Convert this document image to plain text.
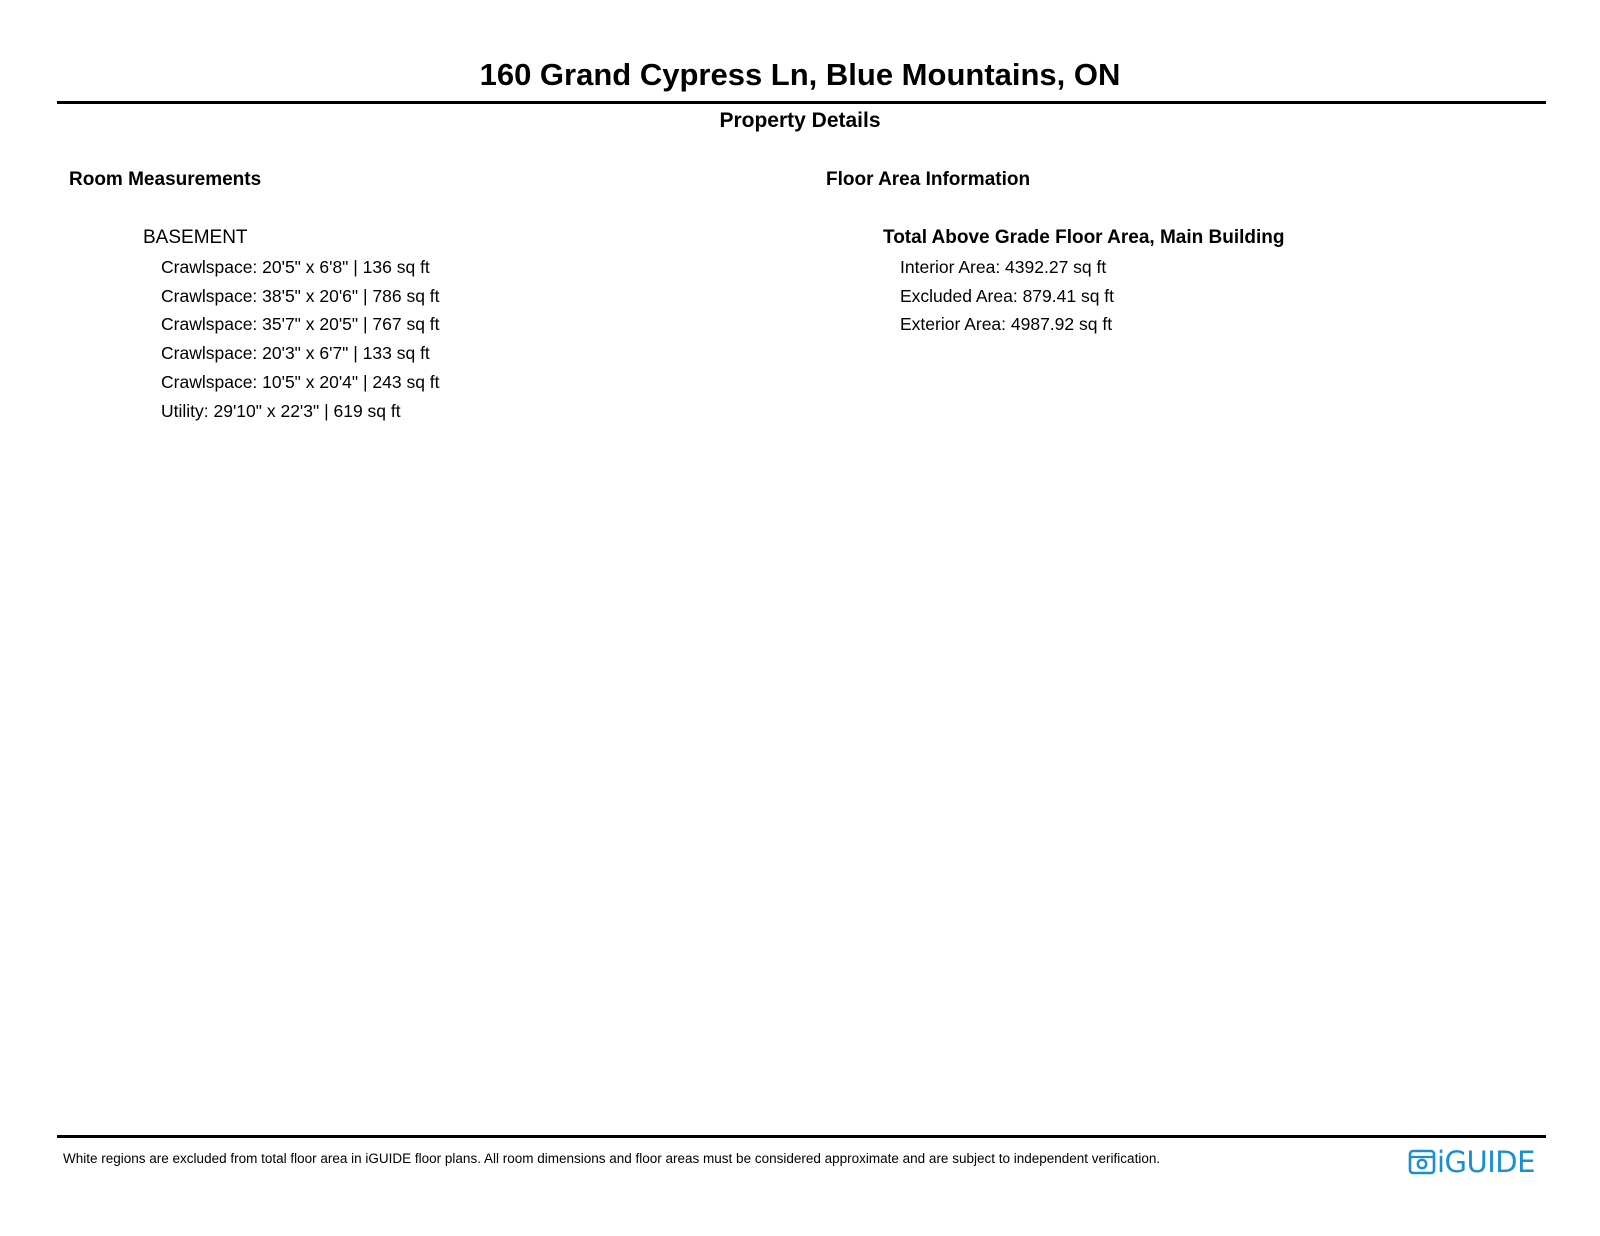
160 Grand Cypress Ln, Blue Mountains, ON
Property Details
Room Measurements	Floor Area Information
BASEMENT
Crawlspace: 20'5" x 6'8" | 136 sq ft
Crawlspace: 38'5" x 20'6" | 786 sq ft
Crawlspace: 35'7" x 20'5" | 767 sq ft
Crawlspace: 20'3" x 6'7" | 133 sq ft
Crawlspace: 10'5" x 20'4" | 243 sq ft
Utility: 29'10" x 22'3" | 619 sq ft
Total Above Grade Floor Area, Main Building
Interior Area: 4392.27 sq ft
Excluded Area: 879.41 sq ft
Exterior Area: 4987.92 sq ft
White regions are excluded from total floor area in iGUIDE floor plans. All room dimensions and floor areas must be considered approximate and are subject to independent verification.	iGUIDE
